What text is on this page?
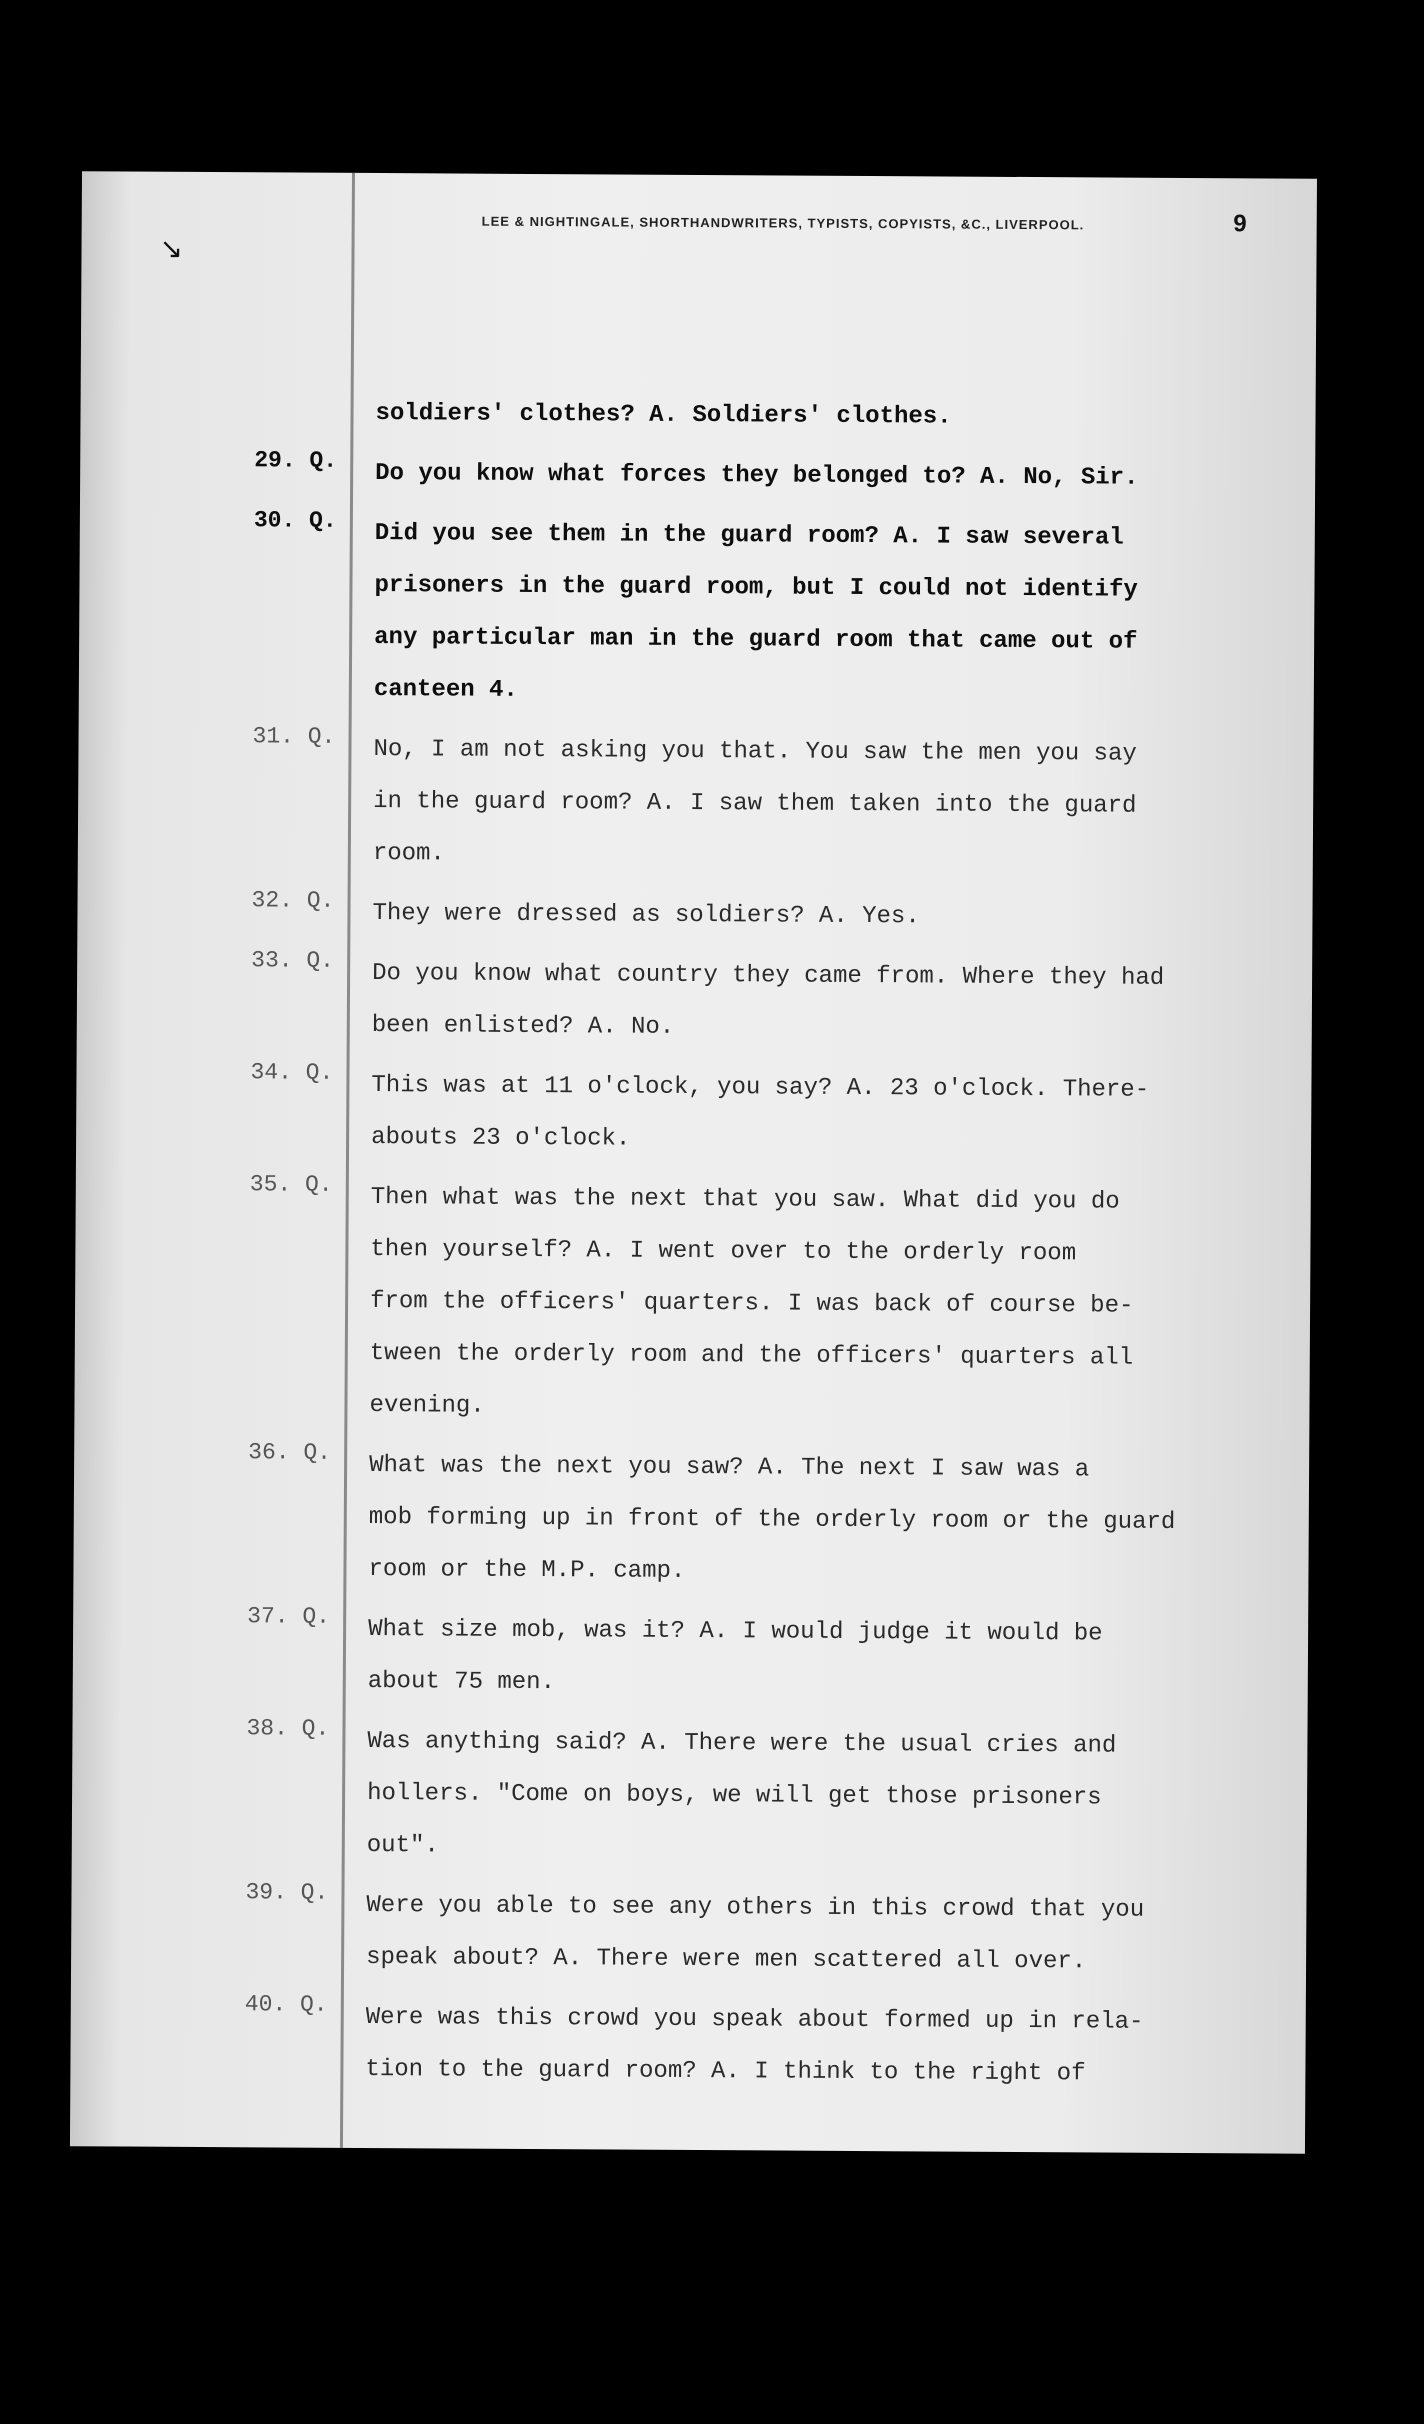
↘
LEE & NIGHTINGALE, SHORTHANDWRITERS, TYPISTS, COPYISTS, &C., LIVERPOOL.	9
soldiers' clothes? A. Soldiers' clothes.
29. Q. Do you know what forces they belonged to? A. No, Sir.
30. Q. Did you see them in the guard room? A. I saw several
prisoners in the guard room, but I could not identify
any particular man in the guard room that came out of
canteen 4.
31. Q. No, I am not asking you that. You saw the men you say
in the guard room? A. I saw them taken into the guard
room.
32. Q. They were dressed as soldiers? A. Yes.
33. Q. Do you know what country they came from. Where they had
been enlisted? A. No.
34. Q. This was at 11 o'clock, you say? A. 23 o'clock. There-
abouts 23 o'clock.
35. Q. Then what was the next that you saw. What did you do
then yourself? A. I went over to the orderly room
from the officers' quarters. I was back of course be-
tween the orderly room and the officers' quarters all
evening.
36. Q. What was the next you saw? A. The next I saw was a
mob forming up in front of the orderly room or the guard
room or the M.P. camp.
37. Q. What size mob, was it? A. I would judge it would be
about 75 men.
38. Q. Was anything said? A. There were the usual cries and
hollers. "Come on boys, we will get those prisoners
out".
39. Q. Were you able to see any others in this crowd that you
speak about? A. There were men scattered all over.
40. Q. Were was this crowd you speak about formed up in rela-
tion to the guard room? A. I think to the right of
